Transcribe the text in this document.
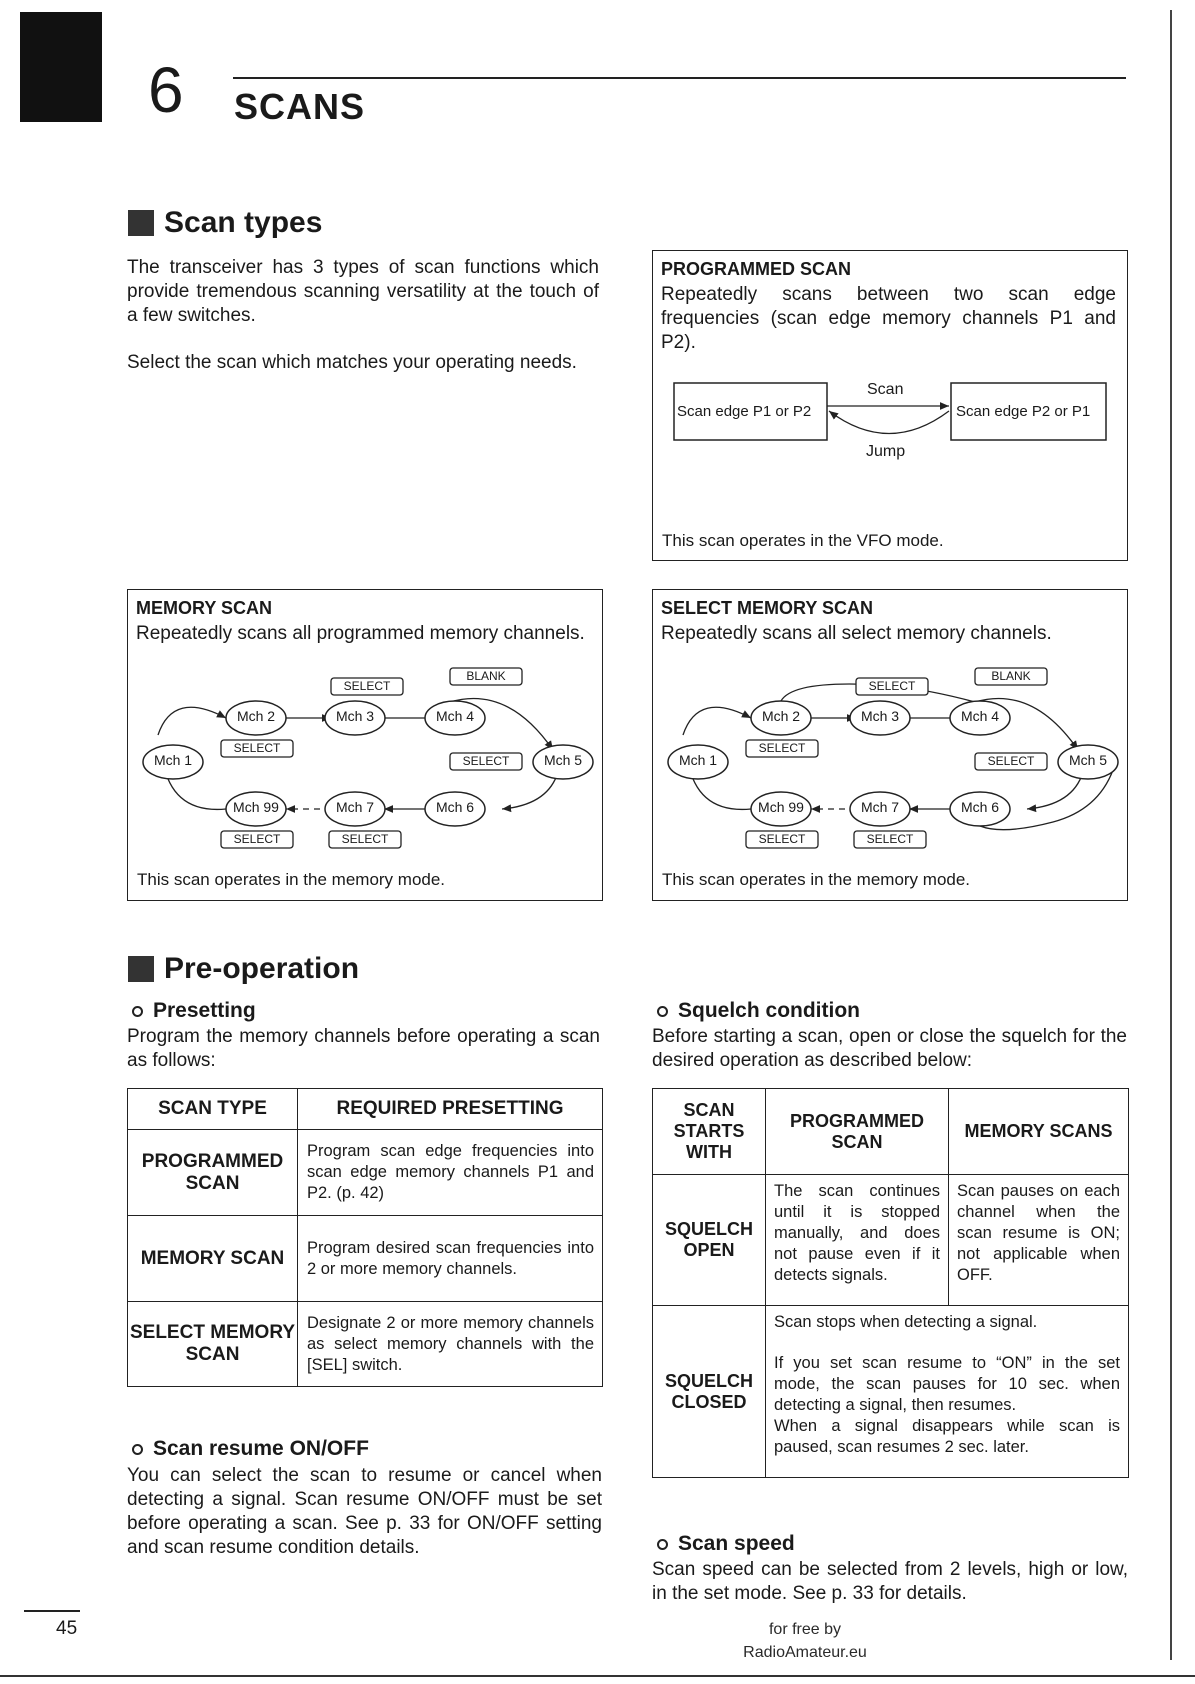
6 SCANS
Scan types
The transceiver has 3 types of scan functions which provide tremendous scanning versatility at the touch of a few switches.
Select the scan which matches your operating needs.
PROGRAMMED SCAN
Repeatedly scans between two scan edge frequencies (scan edge memory channels P1 and P2).
Scan edge P1 or P2	Scan edge P2 or P1
Scan
Jump
This scan operates in the VFO mode.
MEMORY SCAN
Repeatedly scans all programmed memory channels.
Mch 1
Mch 2	Mch 3	Mch 4
Mch 5
Mch 6
Mch 7
Mch 99
SELECT
SELECT
BLANK
SELECT
SELECT	SELECT
This scan operates in the memory mode.
SELECT MEMORY SCAN
Repeatedly scans all select memory channels.
Mch 1
Mch 2	Mch 3	Mch 4
Mch 5
Mch 6
Mch 7
Mch 99
SELECT
SELECT
BLANK
SELECT
SELECT	SELECT
This scan operates in the memory mode.
Pre-operation
Presetting
Program the memory channels before operating a scan as follows:
SCAN TYPE	REQUIRED PRESETTING
PROGRAMMED SCAN	Program scan edge frequencies into scan edge memory channels P1 and P2. (p. 42)
MEMORY SCAN	Program desired scan frequencies into 2 or more memory channels.
SELECT MEMORY SCAN	Designate 2 or more memory channels as select memory channels with the [SEL] switch.
Scan resume ON/OFF
You can select the scan to resume or cancel when detecting a signal. Scan resume ON/OFF must be set before operating a scan. See p. 33 for ON/OFF setting and scan resume condition details.
Squelch condition
Before starting a scan, open or close the squelch for the desired operation as described below:
SCAN STARTS WITH	PROGRAMMED SCAN	MEMORY SCANS
SQUELCH OPEN	The scan continues until it is stopped manually, and does not pause even if it detects signals.	Scan pauses on each channel when the scan resume is ON; not applicable when OFF.
SQUELCH CLOSED	Scan stops when detecting a signal.
If you set scan resume to “ON” in the set mode, the scan pauses for 10 sec. when detecting a signal, then resumes.
When a signal disappears while scan is paused, scan resumes 2 sec. later.	
Scan speed
Scan speed can be selected from 2 levels, high or low, in the set mode. See p. 33 for details.
45	for free by
RadioAmateur.eu
